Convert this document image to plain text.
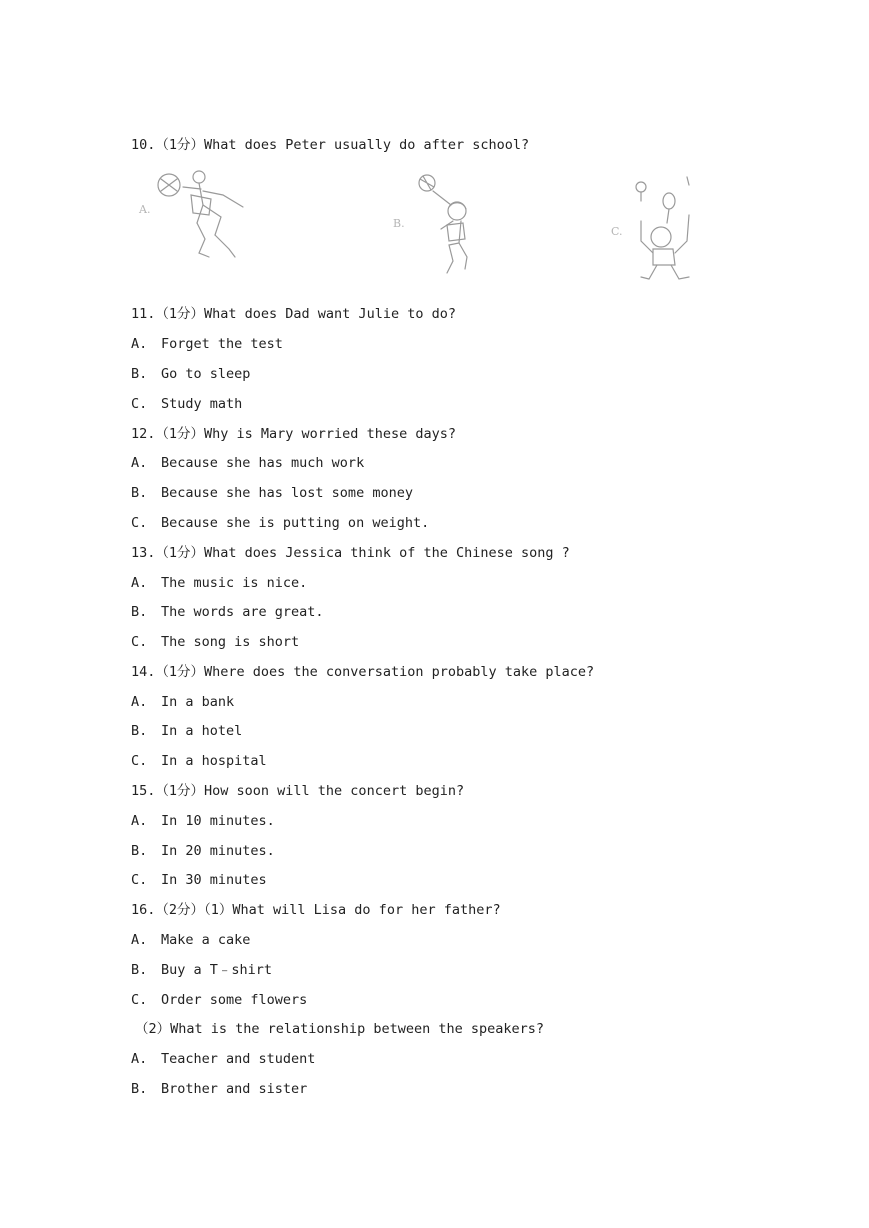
10.（1分）What does Peter usually do after school?
A.
B.
C.
11.（1分）What does Dad want Julie to do?
A. Forget the test
B. Go to sleep
C. Study math
12.（1分）Why is Mary worried these days?
A. Because she has much work
B. Because she has lost some money
C. Because she is putting on weight.
13.（1分）What does Jessica think of the Chinese song ?
A. The music is nice.
B. The words are great.
C. The song is short
14.（1分）Where does the conversation probably take place?
A. In a bank
B. In a hotel
C. In a hospital
15.（1分）How soon will the concert begin?
A. In 10 minutes.
B. In 20 minutes.
C. In 30 minutes
16.（2分）（1）What will Lisa do for her father?
A. Make a cake
B. Buy a T﹣shirt
C. Order some flowers
（2）What is the relationship between the speakers?
A. Teacher and student
B. Brother and sister
